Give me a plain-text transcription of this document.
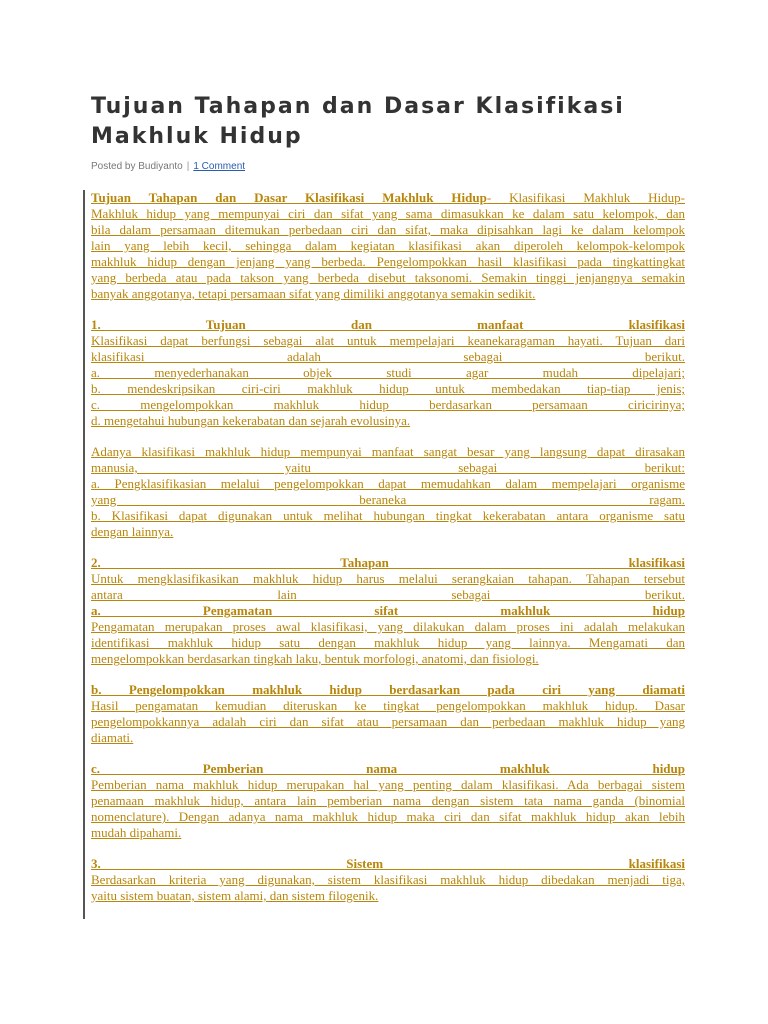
Tujuan Tahapan dan Dasar Klasifikasi Makhluk Hidup
Posted by Budiyanto | 1 Comment

Tujuan Tahapan dan Dasar Klasifikasi Makhluk Hidup- Klasifikasi Makhluk Hidup-
Makhluk hidup yang mempunyai ciri dan sifat yang sama dimasukkan ke dalam satu kelompok, dan
bila dalam persamaan ditemukan perbedaan ciri dan sifat, maka dipisahkan lagi ke dalam kelompok
lain yang lebih kecil, sehingga dalam kegiatan klasifikasi akan diperoleh kelompok-kelompok
makhluk hidup dengan jenjang yang berbeda. Pengelompokkan hasil klasifikasi pada tingkattingkat
yang berbeda atau pada takson yang berbeda disebut taksonomi. Semakin tinggi jenjangnya semakin
banyak anggotanya, tetapi persamaan sifat yang dimiliki anggotanya semakin sedikit.

1. Tujuan dan manfaat klasifikasi
Klasifikasi dapat berfungsi sebagai alat untuk mempelajari keanekaragaman hayati. Tujuan dari
klasifikasi adalah sebagai berikut.
a. menyederhanakan objek studi agar mudah dipelajari;
b. mendeskripsikan ciri-ciri makhluk hidup untuk membedakan tiap-tiap jenis;
c. mengelompokkan makhluk hidup berdasarkan persamaan ciricirinya;
d. mengetahui hubungan kekerabatan dan sejarah evolusinya.

Adanya klasifikasi makhluk hidup mempunyai manfaat sangat besar yang langsung dapat dirasakan
manusia, yaitu sebagai berikut:
a. Pengklasifikasian melalui pengelompokkan dapat memudahkan dalam mempelajari organisme
yang beraneka ragam.
b. Klasifikasi dapat digunakan untuk melihat hubungan tingkat kekerabatan antara organisme satu
dengan lainnya.

2. Tahapan klasifikasi
Untuk mengklasifikasikan makhluk hidup harus melalui serangkaian tahapan. Tahapan tersebut
antara lain sebagai berikut.
a. Pengamatan sifat makhluk hidup
Pengamatan merupakan proses awal klasifikasi, yang dilakukan dalam proses ini adalah melakukan
identifikasi makhluk hidup satu dengan makhluk hidup yang lainnya. Mengamati dan
mengelompokkan berdasarkan tingkah laku, bentuk morfologi, anatomi, dan fisiologi.

b. Pengelompokkan makhluk hidup berdasarkan pada ciri yang diamati
Hasil pengamatan kemudian diteruskan ke tingkat pengelompokkan makhluk hidup. Dasar
pengelompokkannya adalah ciri dan sifat atau persamaan dan perbedaan makhluk hidup yang
diamati.

c. Pemberian nama makhluk hidup
Pemberian nama makhluk hidup merupakan hal yang penting dalam klasifikasi. Ada berbagai sistem
penamaan makhluk hidup, antara lain pemberian nama dengan sistem tata nama ganda (binomial
nomenclature). Dengan adanya nama makhluk hidup maka ciri dan sifat makhluk hidup akan lebih
mudah dipahami.

3. Sistem klasifikasi
Berdasarkan kriteria yang digunakan, sistem klasifikasi makhluk hidup dibedakan menjadi tiga,
yaitu sistem buatan, sistem alami, dan sistem filogenik.
